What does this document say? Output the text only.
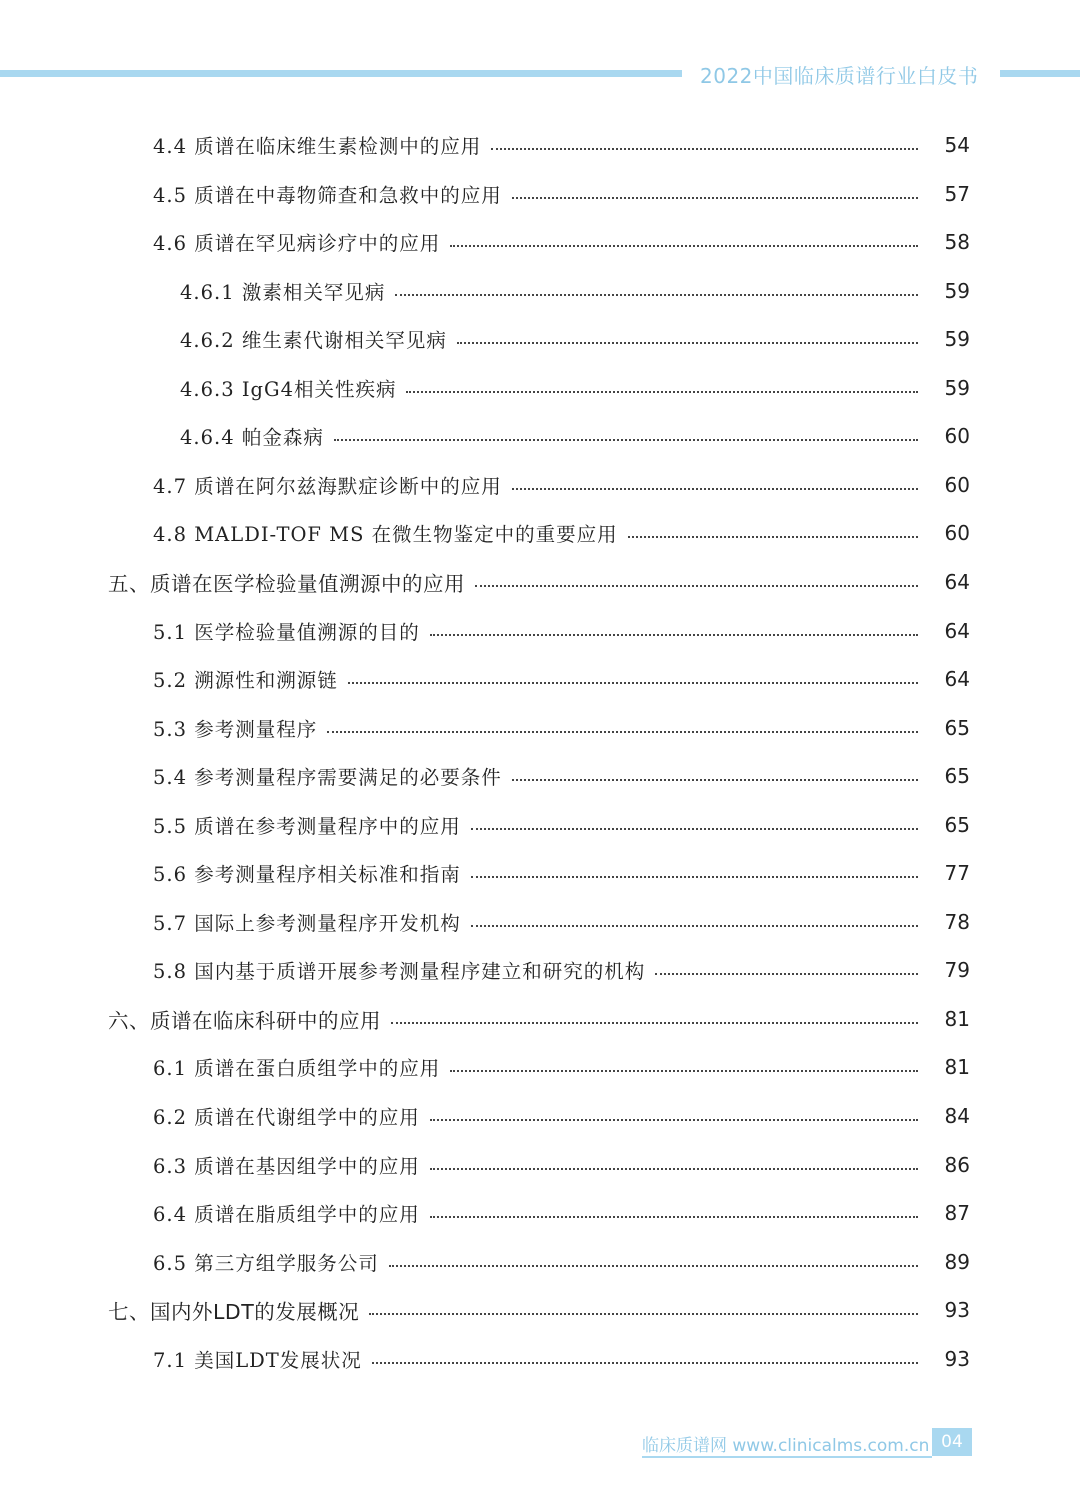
2022中国临床质谱行业白皮书
4.4 质谱在临床维生素检测中的应用	54
4.5 质谱在中毒物筛查和急救中的应用	57
4.6 质谱在罕见病诊疗中的应用	58
4.6.1 激素相关罕见病	59
4.6.2 维生素代谢相关罕见病	59
4.6.3 IgG4相关性疾病	59
4.6.4 帕金森病	60
4.7 质谱在阿尔兹海默症诊断中的应用	60
4.8 MALDI-TOF MS 在微生物鉴定中的重要应用	60
五、质谱在医学检验量值溯源中的应用	64
5.1 医学检验量值溯源的目的	64
5.2 溯源性和溯源链	64
5.3 参考测量程序	65
5.4 参考测量程序需要满足的必要条件	65
5.5 质谱在参考测量程序中的应用	65
5.6 参考测量程序相关标准和指南	77
5.7 国际上参考测量程序开发机构	78
5.8 国内基于质谱开展参考测量程序建立和研究的机构	79
六、质谱在临床科研中的应用	81
6.1 质谱在蛋白质组学中的应用	81
6.2 质谱在代谢组学中的应用	84
6.3 质谱在基因组学中的应用	86
6.4 质谱在脂质组学中的应用	87
6.5 第三方组学服务公司	89
七、国内外LDT的发展概况	93
7.1 美国LDT发展状况	93
临床质谱网 www.clinicalms.com.cn 04
